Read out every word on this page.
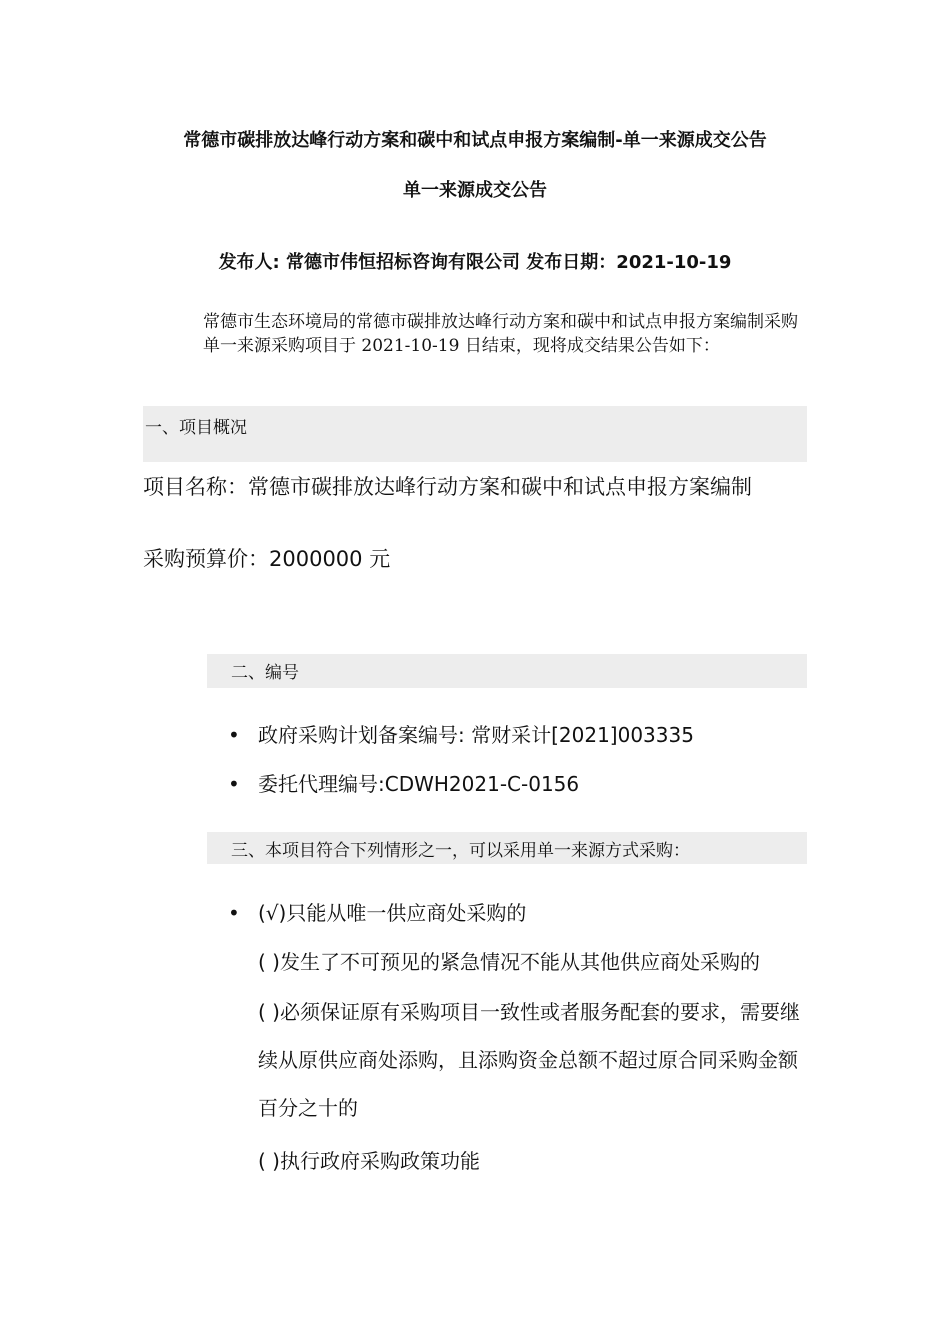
常德市碳排放达峰行动方案和碳中和试点申报方案编制-单一来源成交公告
单一来源成交公告
发布人: 常德市伟恒招标咨询有限公司 发布日期：2021-10-19
常德市生态环境局的常德市碳排放达峰行动方案和碳中和试点申报方案编制采购单一来源采购项目于 2021-10-19 日结束，现将成交结果公告如下：
一、项目概况
项目名称：常德市碳排放达峰行动方案和碳中和试点申报方案编制
采购预算价：2000000 元
二、编号
• 政府采购计划备案编号: 常财采计[2021]003335
• 委托代理编号:CDWH2021-C-0156
三、本项目符合下列情形之一，可以采用单一来源方式采购：
• (√)只能从唯一供应商处采购的
( )发生了不可预见的紧急情况不能从其他供应商处采购的
( )必须保证原有采购项目一致性或者服务配套的要求，需要继续从原供应商处添购，且添购资金总额不超过原合同采购金额百分之十的
( )执行政府采购政策功能
